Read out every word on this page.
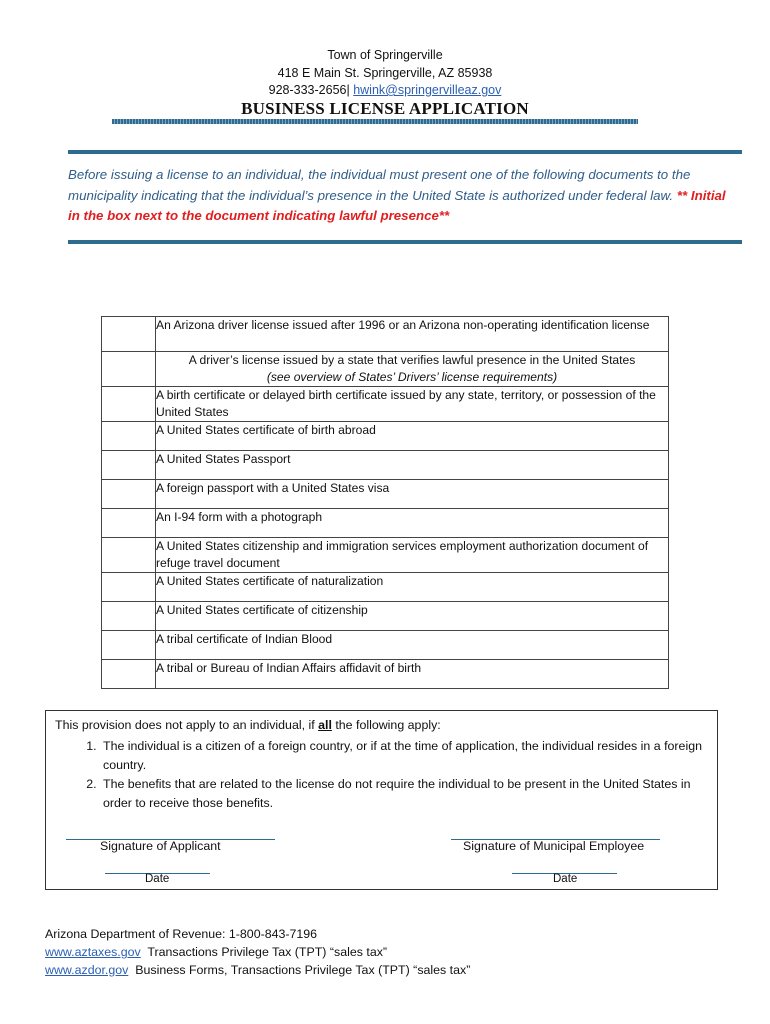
Town of Springerville
418 E Main St. Springerville, AZ 85938
928-333-2656| hwink@springervilleaz.gov
BUSINESS LICENSE APPLICATION
Before issuing a license to an individual, the individual must present one of the following documents to the municipality indicating that the individual’s presence in the United State is authorized under federal law. ** Initial in the box next to the document indicating lawful presence**
	An Arizona driver license issued after 1996 or an Arizona non-operating identification license

	A driver’s license issued by a state that verifies lawful presence in the United States
(see overview of States’ Drivers’ license requirements)

	A birth certificate or delayed birth certificate issued by any state, territory, or possession of the United States
	A United States certificate of birth abroad
	A United States Passport
	A foreign passport with a United States visa
	An I-94 form with a photograph
	A United States citizenship and immigration services employment authorization document of refuge travel document
	A United States certificate of naturalization
	A United States certificate of citizenship
	A tribal certificate of Indian Blood
	A tribal or Bureau of Indian Affairs affidavit of birth
This provision does not apply to an individual, if all the following apply:
1. The individual is a citizen of a foreign country, or if at the time of application, the individual resides in a foreign country.
2. The benefits that are related to the license do not require the individual to be present in the United States in order to receive those benefits.
Signature of Applicant	Signature of Municipal Employee
Date	Date
Arizona Department of Revenue: 1-800-843-7196
www.aztaxes.gov Transactions Privilege Tax (TPT) “sales tax”
www.azdor.gov Business Forms, Transactions Privilege Tax (TPT) “sales tax”
